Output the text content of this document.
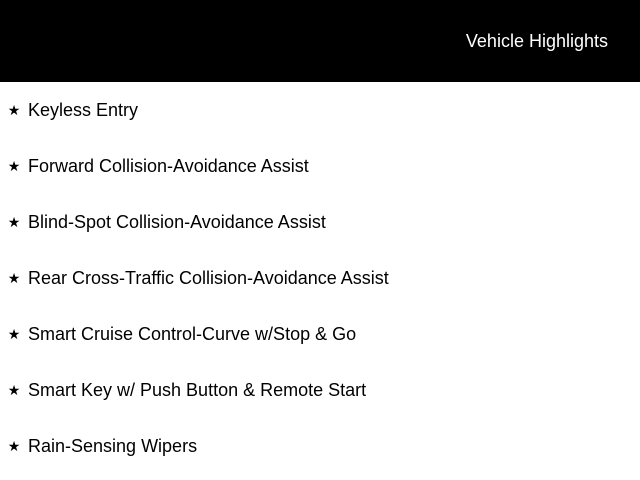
Vehicle Highlights
★ Keyless Entry
★ Forward Collision-Avoidance Assist
★ Blind-Spot Collision-Avoidance Assist
★ Rear Cross-Traffic Collision-Avoidance Assist
★ Smart Cruise Control-Curve w/Stop & Go
★ Smart Key w/ Push Button & Remote Start
★ Rain-Sensing Wipers
